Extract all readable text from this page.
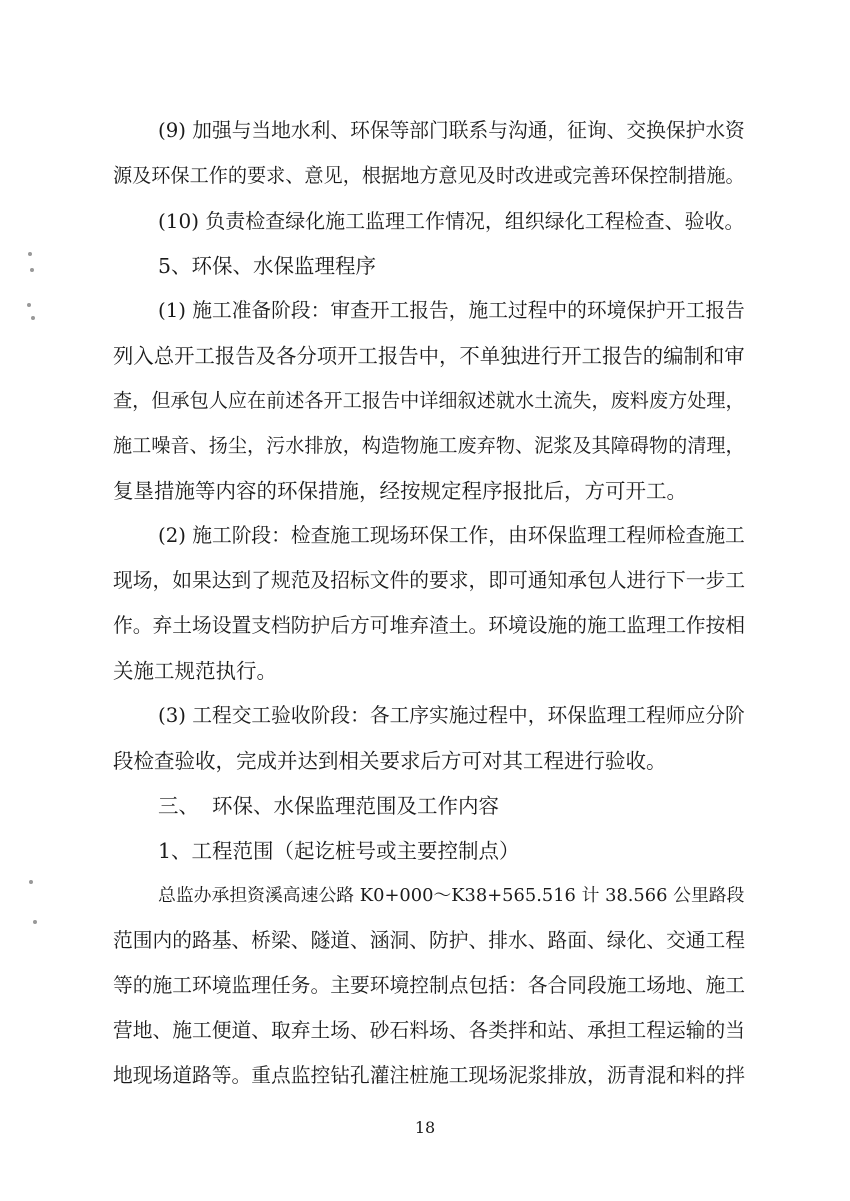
(9) 加强与当地水利、环保等部门联系与沟通，征询、交换保护水资
源及环保工作的要求、意见，根据地方意见及时改进或完善环保控制措施。
(10) 负责检查绿化施工监理工作情况，组织绿化工程检查、验收。
5、环保、水保监理程序
(1) 施工准备阶段：审查开工报告，施工过程中的环境保护开工报告
列入总开工报告及各分项开工报告中，不单独进行开工报告的编制和审
查，但承包人应在前述各开工报告中详细叙述就水土流失，废料废方处理，
施工噪音、扬尘，污水排放，构造物施工废弃物、泥浆及其障碍物的清理，
复垦措施等内容的环保措施，经按规定程序报批后，方可开工。
(2) 施工阶段：检查施工现场环保工作，由环保监理工程师检查施工
现场，如果达到了规范及招标文件的要求，即可通知承包人进行下一步工
作。弃土场设置支档防护后方可堆弃渣土。环境设施的施工监理工作按相
关施工规范执行。
(3) 工程交工验收阶段：各工序实施过程中，环保监理工程师应分阶
段检查验收，完成并达到相关要求后方可对其工程进行验收。
三、  环保、水保监理范围及工作内容
1、工程范围（起讫桩号或主要控制点）
总监办承担资溪高速公路 K0+000～K38+565.516 计 38.566 公里路段
范围内的路基、桥梁、隧道、涵洞、防护、排水、路面、绿化、交通工程
等的施工环境监理任务。主要环境控制点包括：各合同段施工场地、施工
营地、施工便道、取弃土场、砂石料场、各类拌和站、承担工程运输的当
地现场道路等。重点监控钻孔灌注桩施工现场泥浆排放，沥青混和料的拌
18
